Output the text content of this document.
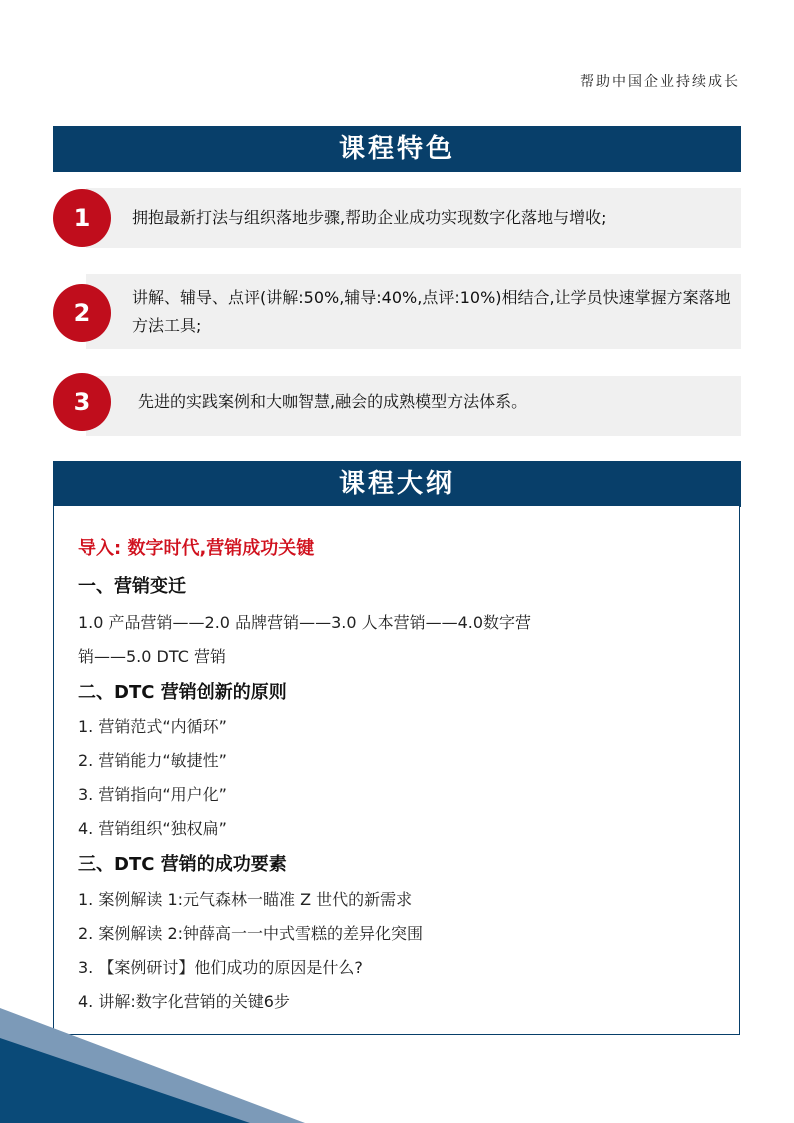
帮助中国企业持续成长
课程特色
拥抱最新打法与组织落地步骤,帮助企业成功实现数字化落地与增收;
1
讲解、辅导、点评(讲解:50%,辅导:40%,点评:10%)相结合,让学员快速掌握方案落地方法工具;
2
先进的实践案例和大咖智慧,融会的成熟模型方法体系。
3
课程大纲
导入: 数字时代,营销成功关键
一、营销变迁
1.0 产品营销——2.0 品牌营销——3.0 人本营销——4.0数字营
销——5.0 DTC 营销
二、DTC 营销创新的原则
1. 营销范式“内循环”
2. 营销能力“敏捷性”
3. 营销指向“用户化”
4. 营销组织“独权扁”
三、DTC 营销的成功要素
1. 案例解读 1:元气森林一瞄准 Z 世代的新需求
2. 案例解读 2:钟薛高一一中式雪糕的差异化突围
3. 【案例研讨】他们成功的原因是什么?
4. 讲解:数字化营销的关键6步
